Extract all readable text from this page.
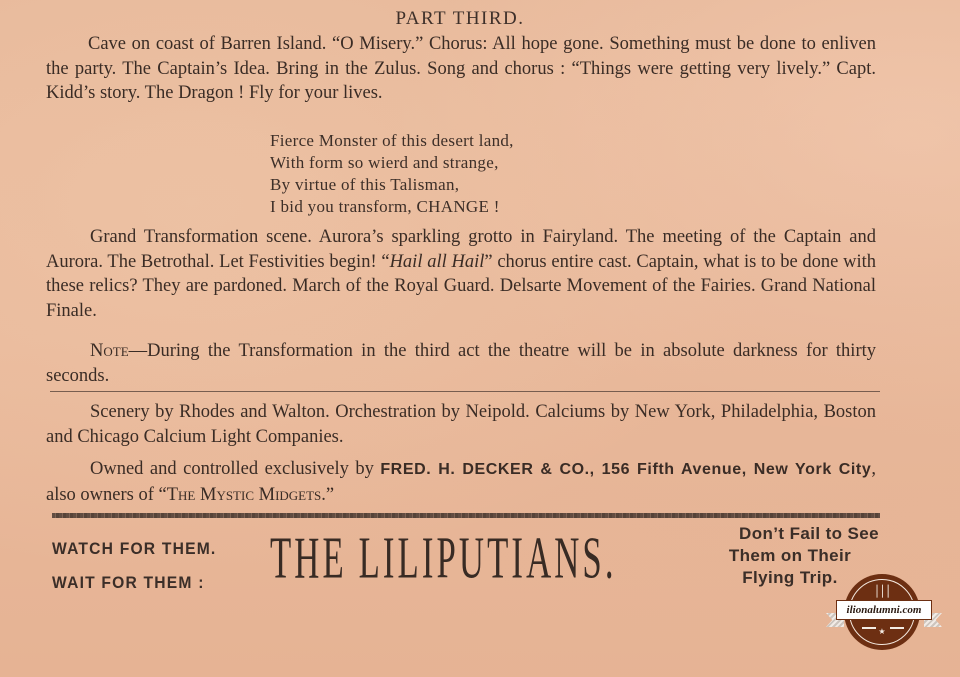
PART THIRD.
Cave on coast of Barren Island. “O Misery.” Chorus: All hope gone. Something must be done to enliven the party. The Captain’s Idea. Bring in the Zulus. Song and chorus : “Things were getting very lively.” Capt. Kidd’s story. The Dragon ! Fly for your lives.
Fierce Monster of this desert land,
With form so wierd and strange,
By virtue of this Talisman,
I bid you transform, CHANGE !
Grand Transformation scene. Aurora’s sparkling grotto in Fairyland. The meeting of the Captain and Aurora. The Betrothal. Let Festivities begin! “Hail all Hail” chorus entire cast. Captain, what is to be done with these relics? They are pardoned. March of the Royal Guard. Delsarte Movement of the Fairies. Grand National Finale.
Note—During the Transformation in the third act the theatre will be in absolute darkness for thirty seconds.
Scenery by Rhodes and Walton. Orchestration by Neipold. Calciums by New York, Philadelphia, Boston and Chicago Calcium Light Companies.
Owned and controlled exclusively by FRED. H. DECKER & CO., 156 Fifth Avenue, New York City, also owners of “The Mystic Midgets.”
WATCH FOR THEM.
WAIT FOR THEM : THE LILIPUTIANS.	Don’t Fail to See
Them on Their
Flying Trip.
│││
★
ilionalumni.com
